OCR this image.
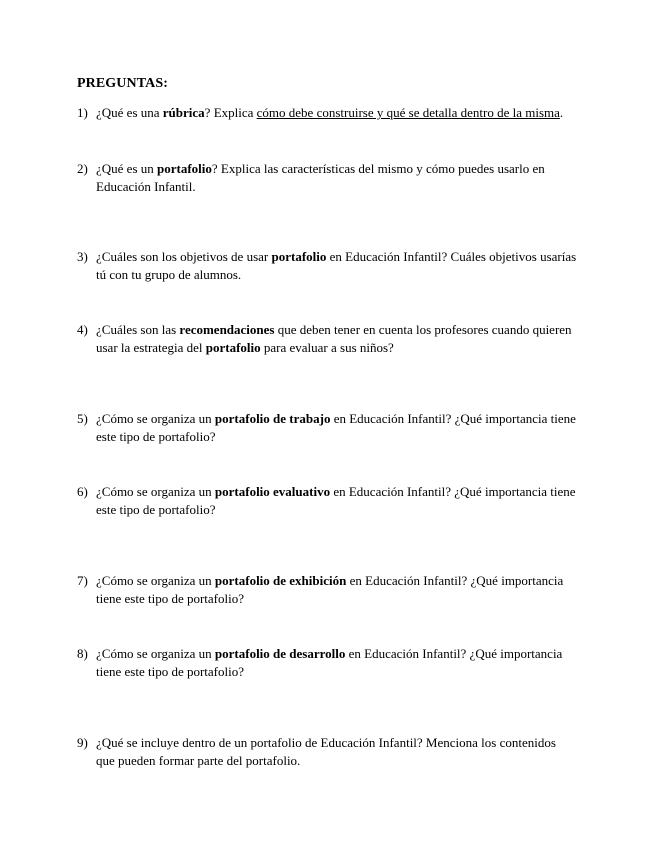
PREGUNTAS:
1) ¿Qué es una rúbrica? Explica cómo debe construirse y qué se detalla dentro de la misma.
2) ¿Qué es un portafolio? Explica las características del mismo y cómo puedes usarlo en Educación Infantil.
3) ¿Cuáles son los objetivos de usar portafolio en Educación Infantil? Cuáles objetivos usarías tú con tu grupo de alumnos.
4) ¿Cuáles son las recomendaciones que deben tener en cuenta los profesores cuando quieren usar la estrategia del portafolio para evaluar a sus niños?
5) ¿Cómo se organiza un portafolio de trabajo en Educación Infantil? ¿Qué importancia tiene este tipo de portafolio?
6) ¿Cómo se organiza un portafolio evaluativo en Educación Infantil? ¿Qué importancia tiene este tipo de portafolio?
7) ¿Cómo se organiza un portafolio de exhibición en Educación Infantil? ¿Qué importancia tiene este tipo de portafolio?
8) ¿Cómo se organiza un portafolio de desarrollo en Educación Infantil? ¿Qué importancia tiene este tipo de portafolio?
9) ¿Qué se incluye dentro de un portafolio de Educación Infantil? Menciona los contenidos que pueden formar parte del portafolio.
